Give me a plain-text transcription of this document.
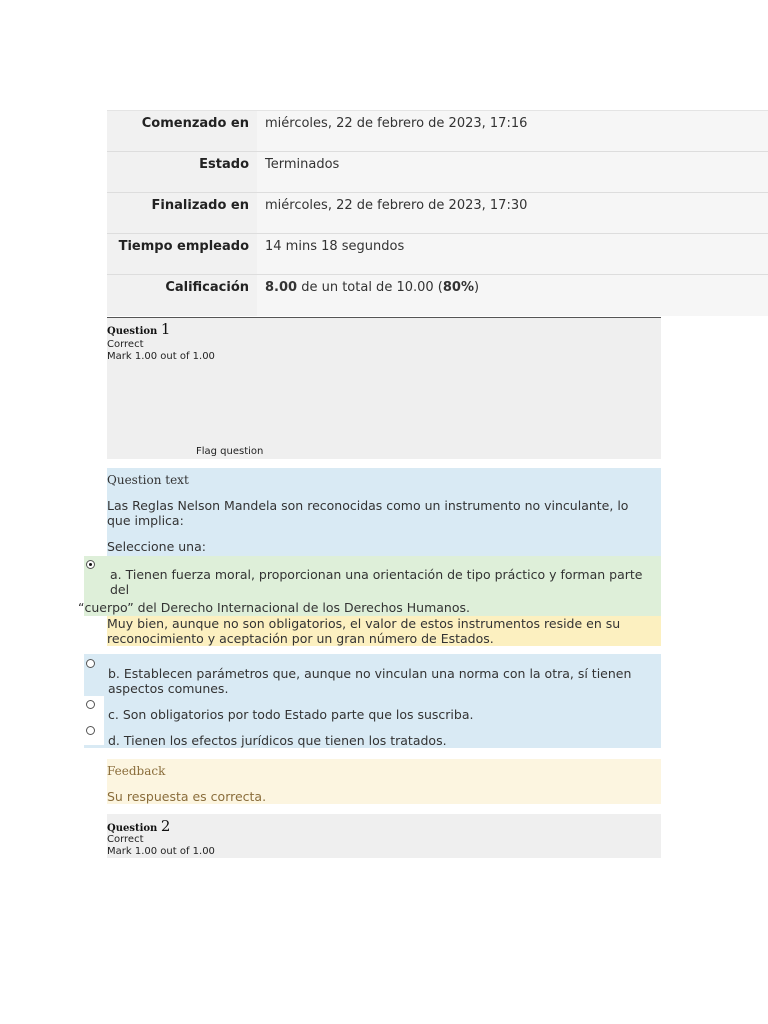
Comenzado en	miércoles, 22 de febrero de 2023, 17:16
Estado	Terminados
Finalizado en	miércoles, 22 de febrero de 2023, 17:30
Tiempo empleado	14 mins 18 segundos
Calificación	8.00 de un total de 10.00 (80%)
Question 1
Correct
Mark 1.00 out of 1.00
Flag question
Question text
Las Reglas Nelson Mandela son reconocidas como un instrumento no vinculante, lo que implica:
Seleccione una:
a. Tienen fuerza moral, proporcionan una orientación de tipo práctico y forman parte del
“cuerpo” del Derecho Internacional de los Derechos Humanos.
Muy bien, aunque no son obligatorios, el valor de estos instrumentos reside en su reconocimiento y aceptación por un gran número de Estados.
b. Establecen parámetros que, aunque no vinculan una norma con la otra, sí tienen aspectos comunes.
c. Son obligatorios por todo Estado parte que los suscriba.
d. Tienen los efectos jurídicos que tienen los tratados.
Feedback
Su respuesta es correcta.
Question 2
Correct
Mark 1.00 out of 1.00
